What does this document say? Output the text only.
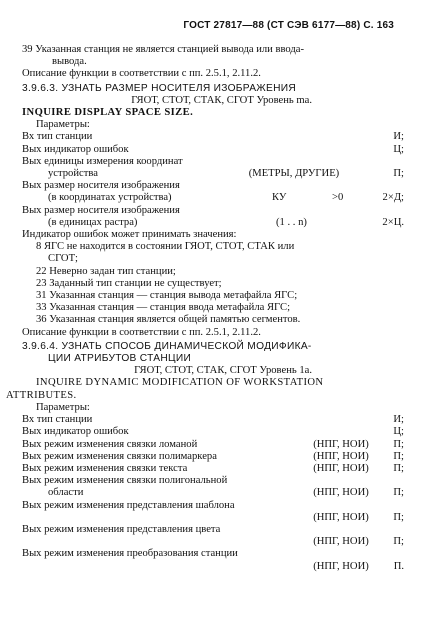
ГОСТ 27817—88 (СТ СЭВ 6177—88) С. 163
39 Указанная станция не является станцией вывода или ввода-
вывода.
Описание функции в соответствии с пп. 2.5.1, 2.11.2.
3.9.6.3. УЗНАТЬ РАЗМЕР НОСИТЕЛЯ ИЗОБРАЖЕНИЯ
ГЯОТ, СТОТ, СТАК, СГОТ Уровень ma.
INQUIRE DISPLAY SPACE SIZE.
Параметры:
Вх тип станции	И;
Вых индикатор ошибок	Ц;
Вых единицы измерения координат
устройства	(МЕТРЫ, ДРУГИЕ)	П;
Вых размер носителя изображения
(в координатах устройства)	КУ	>0	2×Д;
Вых размер носителя изображения
(в единицах растра)	(1 . . n)	2×Ц.
Индикатор ошибок может принимать значения:
8 ЯГС не находится в состоянии ГЯОТ, СТОТ, СТАК или
СГОТ;
22 Неверно задан тип станции;
23 Заданный тип станции не существует;
31 Указанная станция — станция вывода метафайла ЯГС;
33 Указанная станция — станция ввода метафайла ЯГС;
36 Указанная станция является общей памятью сегментов.
Описание функции в соответствии с пп. 2.5.1, 2.11.2.
3.9.6.4. УЗНАТЬ СПОСОБ ДИНАМИЧЕСКОЙ МОДИФИКА-
ЦИИ АТРИБУТОВ СТАНЦИИ
ГЯОТ, СТОТ, СТАК, СГОТ Уровень 1а.
INQUIRE DYNAMIC MODIFICATION OF WORKSTATION
ATTRIBUTES.
Параметры:
Вх тип станции	И;
Вых индикатор ошибок	Ц;
Вых режим изменения связки ломаной	(НПГ, НОИ)	П;
Вых режим изменения связки полимаркера	(НПГ, НОИ)	П;
Вых режим изменения связки текста	(НПГ, НОИ)	П;
Вых режим изменения связки полигональной
области	(НПГ, НОИ)	П;
Вых режим изменения представления шаблона
(НПГ, НОИ)	П;
Вых режим изменения представления цвета
(НПГ, НОИ)	П;
Вых режим изменения преобразования станции
(НПГ, НОИ)	П.
